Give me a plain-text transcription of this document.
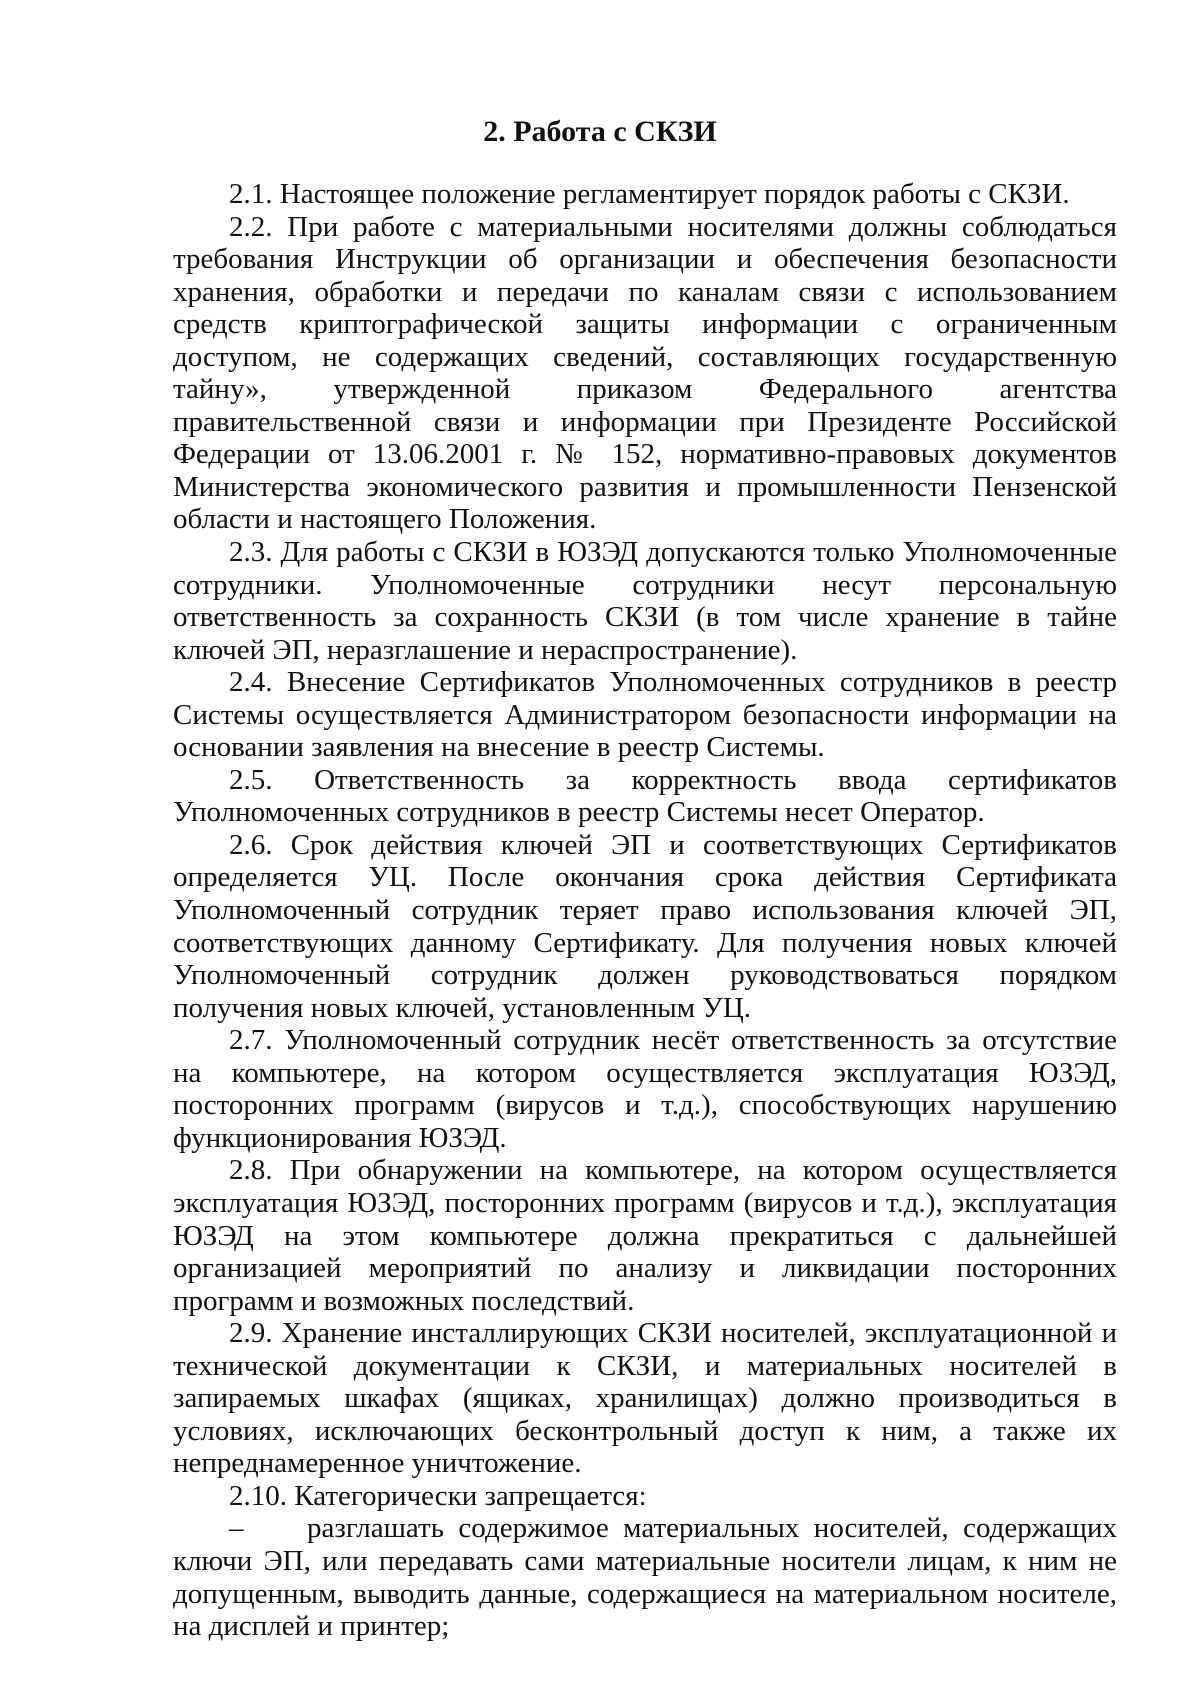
2. Работа с СКЗИ

2.1. Настоящее положение регламентирует порядок работы с СКЗИ.

2.2. При работе с материальными носителями должны соблюдаться требования Инструкции об организации и обеспечения безопасности хранения, обработки и передачи по каналам связи с использованием средств криптографической защиты информации с ограниченным доступом, не содержащих сведений, составляющих государственную тайну», утвержденной приказом Федерального агентства правительственной связи и информации при Президенте Российской Федерации от 13.06.2001 г. № 152, нормативно-правовых документов Министерства экономического развития и промышленности Пензенской области и настоящего Положения.

2.3. Для работы с СКЗИ в ЮЗЭД допускаются только Уполномоченные сотрудники. Уполномоченные сотрудники несут персональную ответственность за сохранность СКЗИ (в том числе хранение в тайне ключей ЭП, неразглашение и нераспространение).

2.4. Внесение Сертификатов Уполномоченных сотрудников в реестр Системы осуществляется Администратором безопасности информации на основании заявления на внесение в реестр Системы.

2.5. Ответственность за корректность ввода сертификатов Уполномоченных сотрудников в реестр Системы несет Оператор.

2.6. Срок действия ключей ЭП и соответствующих Сертификатов определяется УЦ. После окончания срока действия Сертификата Уполномоченный сотрудник теряет право использования ключей ЭП, соответствующих данному Сертификату. Для получения новых ключей Уполномоченный сотрудник должен руководствоваться порядком получения новых ключей, установленным УЦ.

2.7. Уполномоченный сотрудник несёт ответственность за отсутствие на компьютере, на котором осуществляется эксплуатация ЮЗЭД, посторонних программ (вирусов и т.д.), способствующих нарушению функционирования ЮЗЭД.

2.8. При обнаружении на компьютере, на котором осуществляется эксплуатация ЮЗЭД, посторонних программ (вирусов и т.д.), эксплуатация ЮЗЭД на этом компьютере должна прекратиться с дальнейшей организацией мероприятий по анализу и ликвидации посторонних программ и возможных последствий.

2.9. Хранение инсталлирующих СКЗИ носителей, эксплуатационной и технической документации к СКЗИ, и материальных носителей в запираемых шкафах (ящиках, хранилищах) должно производиться в условиях, исключающих бесконтрольный доступ к ним, а также их непреднамеренное уничтожение.

2.10. Категорически запрещается:

– разглашать содержимое материальных носителей, содержащих ключи ЭП, или передавать сами материальные носители лицам, к ним не допущенным, выводить данные, содержащиеся на материальном носителе, на дисплей и принтер;
